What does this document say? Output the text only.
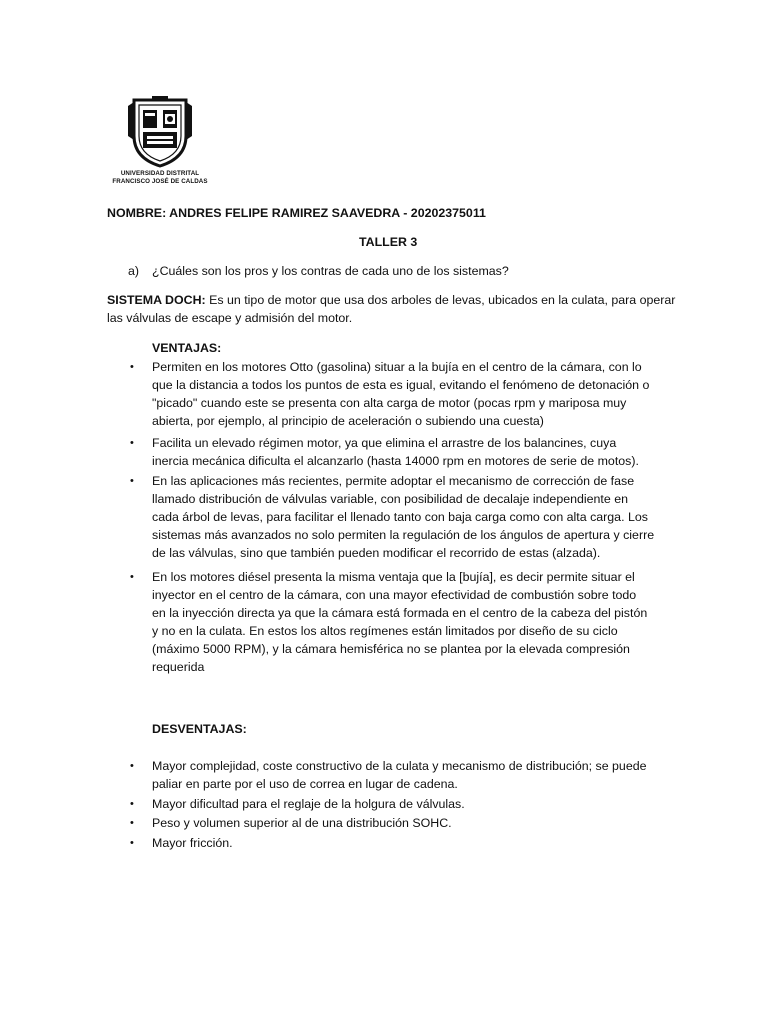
UNIVERSIDAD DISTRITAL
FRANCISCO JOSÉ DE CALDAS
NOMBRE: ANDRES FELIPE RAMIREZ SAAVEDRA - 20202375011
TALLER 3
a) ¿Cuáles son los pros y los contras de cada uno de los sistemas?
SISTEMA DOCH: Es un tipo de motor que usa dos arboles de levas, ubicados en la culata, para operar
las válvulas de escape y admisión del motor.
VENTAJAS:
• Permiten en los motores Otto (gasolina) situar a la bujía en el centro de la cámara, con lo
que la distancia a todos los puntos de esta es igual, evitando el fenómeno de detonación o
"picado" cuando este se presenta con alta carga de motor (pocas rpm y mariposa muy
abierta, por ejemplo, al principio de aceleración o subiendo una cuesta)
• Facilita un elevado régimen motor, ya que elimina el arrastre de los balancines, cuya
inercia mecánica dificulta el alcanzarlo (hasta 14000 rpm en motores de serie de motos).
• En las aplicaciones más recientes, permite adoptar el mecanismo de corrección de fase
llamado distribución de válvulas variable, con posibilidad de decalaje independiente en
cada árbol de levas, para facilitar el llenado tanto con baja carga como con alta carga. Los
sistemas más avanzados no solo permiten la regulación de los ángulos de apertura y cierre
de las válvulas, sino que también pueden modificar el recorrido de estas (alzada).
• En los motores diésel presenta la misma ventaja que la [bujía], es decir permite situar el
inyector en el centro de la cámara, con una mayor efectividad de combustión sobre todo
en la inyección directa ya que la cámara está formada en el centro de la cabeza del pistón
y no en la culata. En estos los altos regímenes están limitados por diseño de su ciclo
(máximo 5000 RPM), y la cámara hemisférica no se plantea por la elevada compresión
requerida
DESVENTAJAS:
• Mayor complejidad, coste constructivo de la culata y mecanismo de distribución; se puede
paliar en parte por el uso de correa en lugar de cadena.
• Mayor dificultad para el reglaje de la holgura de válvulas.
• Peso y volumen superior al de una distribución SOHC.
• Mayor fricción.
